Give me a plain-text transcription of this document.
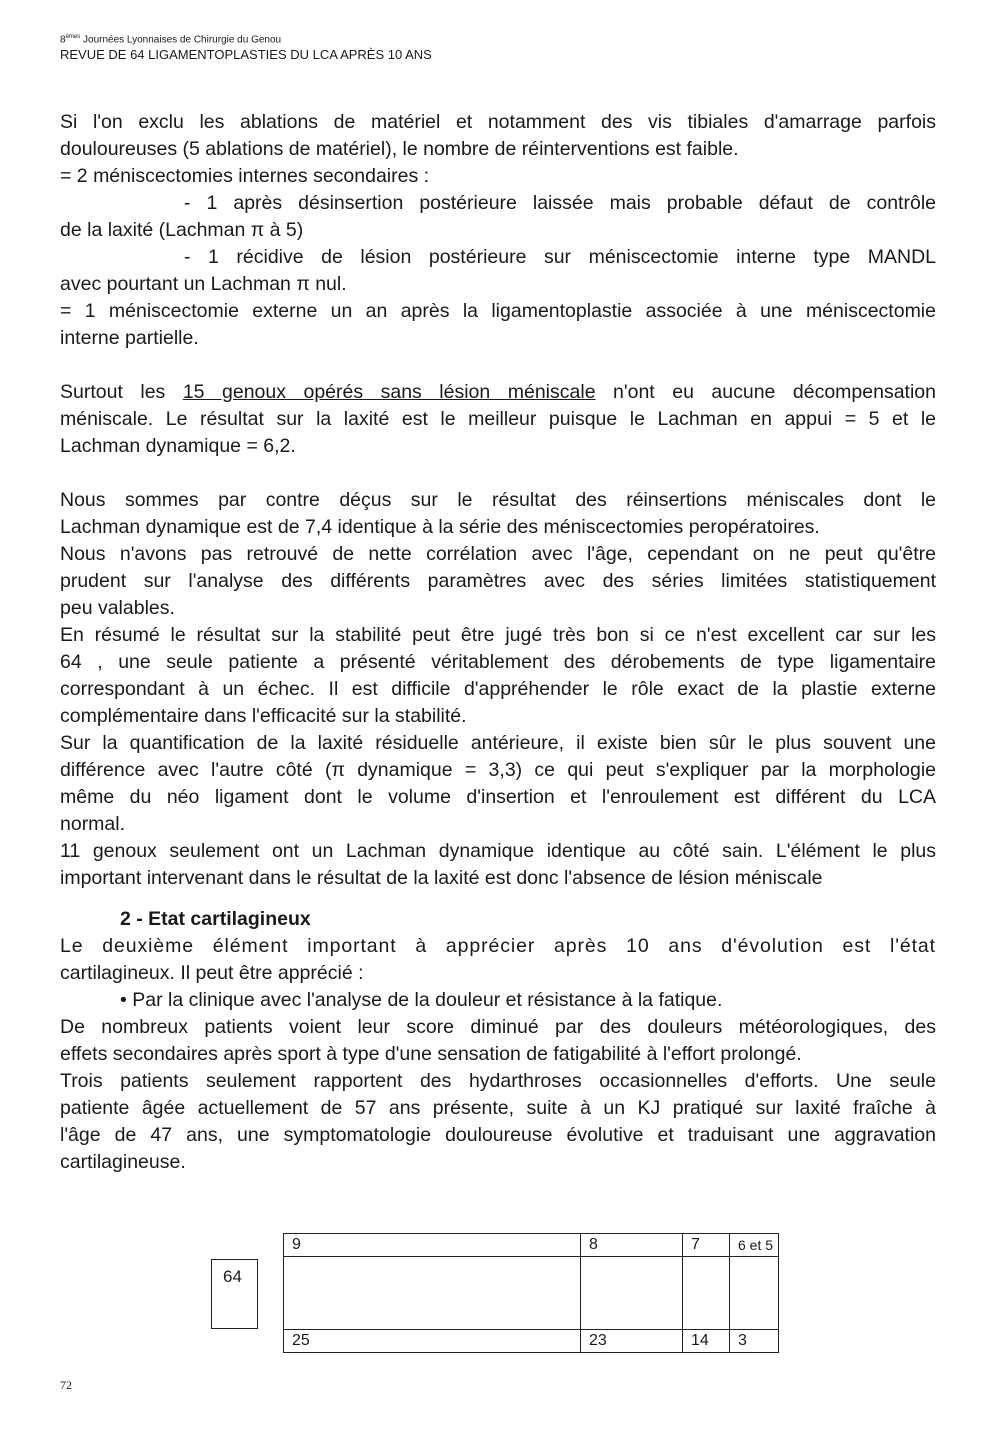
8èmes Journées Lyonnaises de Chirurgie du Genou
REVUE DE 64 LIGAMENTOPLASTIES DU LCA APRÈS 10 ANS

Si l'on exclu les ablations de matériel et notamment des vis tibiales d'amarrage parfois

douloureuses (5 ablations de matériel), le nombre de réinterventions est faible.

= 2 méniscectomies internes secondaires :

- 1 après désinsertion postérieure laissée mais probable défaut de contrôle

de la laxité (Lachman π à 5)

- 1 récidive de lésion postérieure sur méniscectomie interne type MANDL

avec pourtant un Lachman π nul.

= 1 méniscectomie externe un an après la ligamentoplastie associée à une méniscectomie

interne partielle.

Surtout les 15 genoux opérés sans lésion méniscale n'ont eu aucune décompensation

méniscale. Le résultat sur la laxité est le meilleur puisque le Lachman en appui = 5 et le

Lachman dynamique = 6,2.

Nous sommes par contre déçus sur le résultat des réinsertions méniscales dont le

Lachman dynamique est de 7,4 identique à la série des méniscectomies peropératoires.

Nous n'avons pas retrouvé de nette corrélation avec l'âge, cependant on ne peut qu'être

prudent sur l'analyse des différents paramètres avec des séries limitées statistiquement

peu valables.

En résumé le résultat sur la stabilité peut être jugé très bon si ce n'est excellent car sur les

64 , une seule patiente a présenté véritablement des dérobements de type ligamentaire

correspondant à un échec. Il est difficile d'appréhender le rôle exact de la plastie externe

complémentaire dans l'efficacité sur la stabilité.

Sur la quantification de la laxité résiduelle antérieure, il existe bien sûr le plus souvent une

différence avec l'autre côté (π dynamique = 3,3) ce qui peut s'expliquer par la morphologie

même du néo ligament dont le volume d'insertion et l'enroulement est différent du LCA

normal.

11 genoux seulement ont un Lachman dynamique identique au côté sain. L'élément le plus

important intervenant dans le résultat de la laxité est donc l'absence de lésion méniscale

2 - Etat cartilagineux

Le deuxième élément important à apprécier après 10 ans d'évolution est l'état

cartilagineux. Il peut être apprécié :

• Par la clinique avec l'analyse de la douleur et résistance à la fatique.

De nombreux patients voient leur score diminué par des douleurs météorologiques, des

effets secondaires après sport à type d'une sensation de fatigabilité à l'effort prolongé.

Trois patients seulement rapportent des hydarthroses occasionnelles d'efforts. Une seule

patiente âgée actuellement de 57 ans présente, suite à un KJ pratiqué sur laxité fraîche à

l'âge de 47 ans, une symptomatologie douloureuse évolutive et traduisant une aggravation

cartilagineuse.

64
9	8	7	6 et 5

25	23	14	3
72
